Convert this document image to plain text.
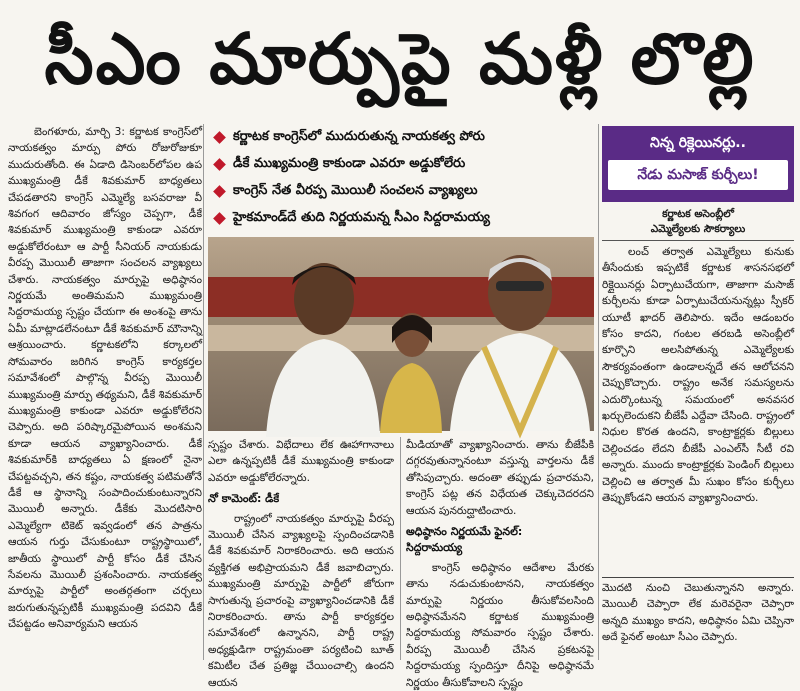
సీఎం మార్పుపై మళ్లీ లొల్లి

బెంగళూరు, మార్చి 3: కర్ణాటక కాంగ్రెస్‌లో నాయకత్వం మార్పు పోరు రోజురోజుకూ ముదురుతోంది. ఈ ఏడాది డిసెంబర్‌లోపల ఉప ముఖ్యమంత్రి డీకే శివకుమార్ బాధ్యతలు చేపడతారని కాంగ్రెస్ ఎమ్మెల్యే బసవరాజు వీ శివగంగ ఆదివారం జోస్యం చెప్పగా, డీకే శివకుమార్ ముఖ్యమంత్రి కాకుండా ఎవరూ అడ్డుకోలేరంటూ ఆ పార్టీ సీనియర్ నాయకుడు వీరప్ప మొయిలీ తాజాగా సంచలన వ్యాఖ్యలు చేశారు. నాయకత్వం మార్పుపై అధిష్ఠానం నిర్ణయమే అంతిమమని ముఖ్యమంత్రి సిద్దరామయ్య స్పష్టం చేయగా ఈ అంశంపై తాను ఏమీ మాట్లాడలేనంటూ డీకే శివకుమార్ మౌనాన్ని ఆశ్రయించారు. కర్ణాటకలోని కర్కాలలో సోమవారం జరిగిన కాంగ్రెస్ కార్యకర్తల సమావేశంలో పాల్గొన్న వీరప్ప మొయిలీ ముఖ్యమంత్రి మార్పు తథ్యమని, డీకే శివకుమార్ ముఖ్యమంత్రి కాకుండా ఎవరూ అడ్డుకోలేరని చెప్పారు. అది పరిష్కారమైపోయిన అంశమని కూడా ఆయన వ్యాఖ్యానించారు. డీకే శివకుమార్‌కి బాధ్యతలు ఏ క్షణంలో నైనా చేపట్టవచ్చని, తన కష్టం, నాయకత్వ పటిమతోనే డీకే ఆ స్థానాన్ని సంపాదించుకుంటున్నారని మొయిలీ అన్నారు. డీకేకు మొదటిసారి ఎమ్మెల్యేగా టికెట్ ఇవ్వడంలో తన పాత్రను ఆయన గుర్తు చేసుకుంటూ రాష్ట్రస్థాయిలో, జాతీయ స్థాయిలో పార్టీ కోసం డీకే చేసిన సేవలను మొయిలీ ప్రశంసించారు. నాయకత్వ మార్పుపై పార్టీలో అంతర్గతంగా చర్చలు జరుగుతున్నప్పటికీ ముఖ్యమంత్రి పదవిని డీకే చేపట్టడం అనివార్యమని ఆయన

కర్ణాటక కాంగ్రెస్‌లో ముదురుతున్న నాయకత్వ పోరు
డీకే ముఖ్యమంత్రి కాకుండా ఎవరూ అడ్డుకోలేరు
కాంగ్రెస్ నేత వీరప్ప మొయిలీ సంచలన వ్యాఖ్యలు
హైకమాండ్‌దే తుది నిర్ణయమన్న సీఎం సిద్దరామయ్య

స్పష్టం చేశారు. విభేదాలు లేక ఊహాగానాలు ఎలా ఉన్నప్పటికీ డీకే ముఖ్యమంత్రి కాకుండా ఎవరూ అడ్డుకోలేరన్నారు.

నో కామెంట్: డీకే

రాష్ట్రంలో నాయకత్వం మార్పుపై వీరప్ప మొయిలీ చేసిన వ్యాఖ్యలపై స్పందించడానికి డీకే శివకుమార్ నిరాకరించారు. అది ఆయన వ్యక్తిగత అభిప్రాయమని డీకే జవాబిచ్చారు. ముఖ్యమంత్రి మార్పుపై పార్టీలో జోరుగా సాగుతున్న ప్రచారంపై వ్యాఖ్యానించడానికి డీకే నిరాకరించారు. తాను పార్టీ కార్యకర్తల సమావేశంలో ఉన్నానని, పార్టీ రాష్ట్ర అధ్యక్షుడిగా రాష్ట్రమంతా పర్యటించి బూత్ కమిటీల చేత ప్రతిజ్ఞ చేయించాల్సి ఉందని ఆయన

మీడియాతో వ్యాఖ్యానించారు. తాను బీజేపీకి దగ్గరవుతున్నానంటూ వస్తున్న వార్తలను డీకే తోసిపుచ్చారు. అదంతా తప్పుడు ప్రచారమని, కాంగ్రెస్ పట్ల తన విధేయత చెక్కుచెదరదని ఆయన పునరుద్ఘాటించారు.

అధిష్ఠానం నిర్ణయమే ఫైనల్:
సిద్దరామయ్య

కాంగ్రెస్ అధిష్ఠానం ఆదేశాల మేరకు తాను నడుచుకుంటానని, నాయకత్వం మార్పుపై నిర్ణయం తీసుకోవలసింది అధిష్ఠానమేనని కర్ణాటక ముఖ్యమంత్రి సిద్దరామయ్య సోమవారం స్పష్టం చేశారు. వీరప్ప మొయిలీ చేసిన ప్రకటనపై సిద్దరామయ్య స్పందిస్తూ దీనిపై అధిష్ఠానమే నిర్ణయం తీసుకోవాలని స్పష్టం

నిన్న రిక్లెయినర్లు..
నేడు మసాజ్ కుర్చీలు!
కర్ణాటక అసెంబ్లీలో
ఎమ్మెల్యేలకు సౌకర్యాలు

లంచ్ తర్వాత ఎమ్మెల్యేలు కునుకు తీసేందుకు ఇప్పటికే కర్ణాటక శాసనసభలో రిక్లైయినర్లు ఏర్పాటుచేయగా, తాజాగా మసాజ్ కుర్చీలను కూడా ఏర్పాటుచేయనున్నట్లు స్పీకర్ యూటీ ఖాదర్ తెలిపారు. ఇదేం ఆడంబరం కోసం కాదని, గంటల తరబడి అసెంబ్లీలో కూర్చొని అలసిపోతున్న ఎమ్మెల్యేలకు సౌకర్యవంతంగా ఉండాలన్నదే తన ఆలోచనని చెప్పుకొచ్చారు. రాష్ట్రం అనేక సమస్యలను ఎదుర్కొంటున్న సమయంలో అనవసర ఖర్చులెందుకని బీజేపీ ఎద్దేవా చేసింది. రాష్ట్రంలో నిధుల కొరత ఉందని, కాంట్రాక్టర్లకు బిల్లులు చెల్లించడం లేదని బీజేపీ ఎంఎల్‌సీ సీటీ రవి అన్నారు. ముందు కాంట్రాక్టర్లకు పెండింగ్ బిల్లులు చెల్లించి ఆ తర్వాత మీ సుఖం కోసం కుర్చీలు తెప్పుకోండని ఆయన వ్యాఖ్యానించారు.

మొదటి నుంచి చెబుతున్నానని అన్నారు. మొయిలీ చెప్పారా లేక మరెవరైనా చెప్పారా అన్నది ముఖ్యం కాదని, అధిష్ఠానం ఏమి చెప్పినా అదే ఫైనల్ అంటూ సీఎం చెప్పారు.
